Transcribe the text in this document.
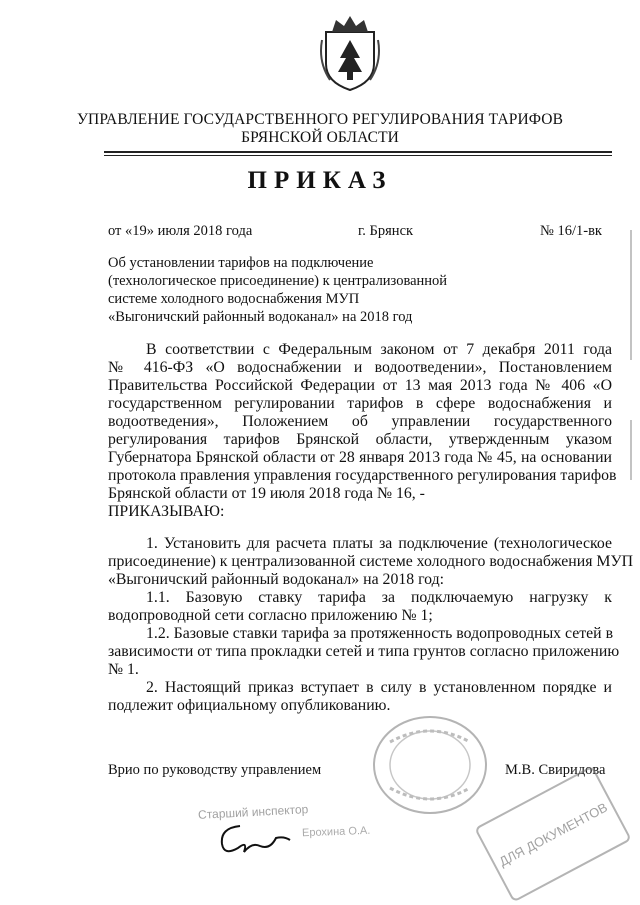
УПРАВЛЕНИЕ ГОСУДАРСТВЕННОГО РЕГУЛИРОВАНИЯ ТАРИФОВ
БРЯНСКОЙ ОБЛАСТИ
ПРИКАЗ
от «19» июля 2018 года	г. Брянск	№ 16/1-вк
Об установлении тарифов на подключение
(технологическое присоединение) к централизованной
системе холодного водоснабжения МУП
«Выгоничский районный водоканал» на 2018 год
В соответствии с Федеральным законом от 7 декабря 2011 года
№ 416-ФЗ «О водоснабжении и водоотведении», Постановлением
Правительства Российской Федерации от 13 мая 2013 года № 406 «О
государственном регулировании тарифов в сфере водоснабжения и
водоотведения», Положением об управлении государственного
регулирования тарифов Брянской области, утвержденным указом
Губернатора Брянской области от 28 января 2013 года № 45, на основании
протокола правления управления государственного регулирования тарифов
Брянской области от 19 июля 2018 года № 16, -
ПРИКАЗЫВАЮ:
1. Установить для расчета платы за подключение (технологическое
присоединение) к централизованной системе холодного водоснабжения МУП
«Выгоничский районный водоканал» на 2018 год:
1.1. Базовую ставку тарифа за подключаемую нагрузку к
водопроводной сети согласно приложению № 1;
1.2. Базовые ставки тарифа за протяженность водопроводных сетей в
зависимости от типа прокладки сетей и типа грунтов согласно приложению
№ 1.
2. Настоящий приказ вступает в силу в установленном порядке и
подлежит официальному опубликованию.
Врио по руководству управлением	М.В. Свиридова
Старший инспектор
Ерохина О.А.	ДЛЯ ДОКУМЕНТОВ
